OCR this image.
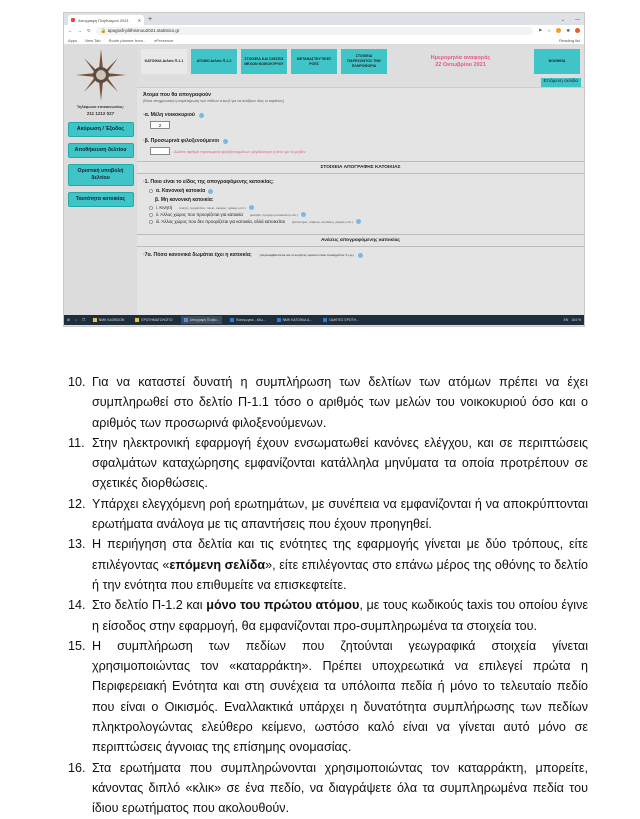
Απογραφή Πληθυσμού 2021 ✕ +	⌄ —
← → ↻ 🔒 apografi-plithismou2021.statistics.gr	⚑ ☆	✱
Apps New Tab Route planner from... ePresence	Reading list
Τηλέφωνο επικοινωνίας:
211 1212 027
Ακύρωση / Έξοδος
Αποθήκευση δελτίου
Οριστική υποβολή δελτίου
Ταυτότητα κατοικίας
ΚΑΤΟΙΚΙΑ Δελτίο Π-1.1	ΑΤΟΜΟ Δελτίο Π-1.2
ΣΤΟΙΧΕΙΑ ΚΑΙ ΣΧΕΣΕΙΣ ΜΕΛΩΝ ΝΟΙΚΟΚΥΡΙΟΥ
ΜΕΤΑΝΑΣΤΕΥΤΙΚΕΣ ΡΟΕΣ
ΣΤΟΙΧΕΙΑ ΠΑΡΕΧΟΝΤΟΣ ΤΗΝ ΠΛΗΡΟΦΟΡΙΑ
Ημερομηνία αναφοράς
22 Οκτωβρίου 2021
ΒΟΗΘΕΙΑ
Επόμενη σελίδα
Άτομα που θα απογραφούν
(Είναι υποχρεωτική η συμπλήρωση των πεδίων α και β για να ανοίξουν όλες οι καρτέλες)
*α. Μέλη νοικοκυριού
2
*β. Προσωρινά φιλοξενούμενοι
Δώστε αριθμό προσωρινά φιλοξενουμένων μεγαλύτερο ή ίσον με το μηδέν
ΣΤΟΙΧΕΙΑ ΑΠΟΓΡΑΦΗΣ ΚΑΤΟΙΚΙΑΣ
*1. Ποιο είναι το είδος της απογραφόμενης κατοικίας;
α. Κανονική κατοικία
β. Μη κανονική κατοικία:
i. Κινητή (σκηνή, τροχόσπιτο, πλοίο, σκάφος, τρέιλερ κ.λπ.)
ii. Άλλος χώρος που προορίζεται για κατοικία (καλύβα, πρόχειρη κατασκευή κ.λπ.)
iii. Άλλος χώρος που δεν προορίζεται για κατοικία, αλλά κατοικείται (κατάστημα, σταβλος, αποθήκη, γκαράζ κ.λπ.)
Ανέσεις απογραφόμενης κατοικίας
*7α. Πόσα κανονικά δωμάτια έχει η κατοικία;	(περιλαμβάνονται και οι κουζίνες εφόσον είναι τουλάχιστον 4 τ.μ.)
⊞ ⌕ ❐	ΝΜΚ ΚΑΟΒΟΟΝ	ΕΡΩΤΗΜΑΤΟΛΟΓΙΟ	Απογραφή Πληθυ...	Εισαγωγικό - εδώ...	ΝΜΚ ΚΑΤΟΙΚΙΑ Α...	ΟΔΗΓΙΕΣ ΕΡΩΤΗ...	EN 104 %
10. Για να καταστεί δυνατή η συμπλήρωση των δελτίων των ατόμων πρέπει να έχει συμπληρωθεί στο δελτίο Π-1.1 τόσο ο αριθμός των μελών του νοικοκυριού όσο και ο αριθμός των προσωρινά φιλοξενούμενων.
11. Στην ηλεκτρονική εφαρμογή έχουν ενσωματωθεί κανόνες ελέγχου, και σε περιπτώσεις σφαλμάτων καταχώρησης εμφανίζονται κατάλληλα μηνύματα τα οποία προτρέπουν σε σχετικές διορθώσεις.
12. Υπάρχει ελεγχόμενη ροή ερωτημάτων, με συνέπεια να εμφανίζονται ή να αποκρύπτονται ερωτήματα ανάλογα με τις απαντήσεις που έχουν προηγηθεί.
13. Η περιήγηση στα δελτία και τις ενότητες της εφαρμογής γίνεται με δύο τρόπους, είτε επιλέγοντας «επόμενη σελίδα», είτε επιλέγοντας στο επάνω μέρος της οθόνης το δελτίο ή την ενότητα που επιθυμείτε να επισκεφτείτε.
14. Στο δελτίο Π-1.2 και μόνο του πρώτου ατόμου, με τους κωδικούς taxis του οποίου έγινε η είσοδος στην εφαρμογή, θα εμφανίζονται προ-συμπληρωμένα τα στοιχεία του.
15. Η συμπλήρωση των πεδίων που ζητούνται γεωγραφικά στοιχεία γίνεται χρησιμοποιώντας τον «καταρράκτη». Πρέπει υποχρεωτικά να επιλεγεί πρώτα η Περιφερειακή Ενότητα και στη συνέχεια τα υπόλοιπα πεδία ή μόνο το τελευταίο πεδίο που είναι ο Οικισμός. Εναλλακτικά υπάρχει η δυνατότητα συμπλήρωσης των πεδίων πληκτρολογώντας ελεύθερο κείμενο, ωστόσο καλό είναι να γίνεται αυτό μόνο σε περιπτώσεις άγνοιας της επίσημης ονομασίας.
16. Στα ερωτήματα που συμπληρώνονται χρησιμοποιώντας τον καταρράκτη, μπορείτε, κάνοντας διπλό «κλικ» σε ένα πεδίο, να διαγράψετε όλα τα συμπληρωμένα πεδία του ίδιου ερωτήματος που ακολουθούν.
